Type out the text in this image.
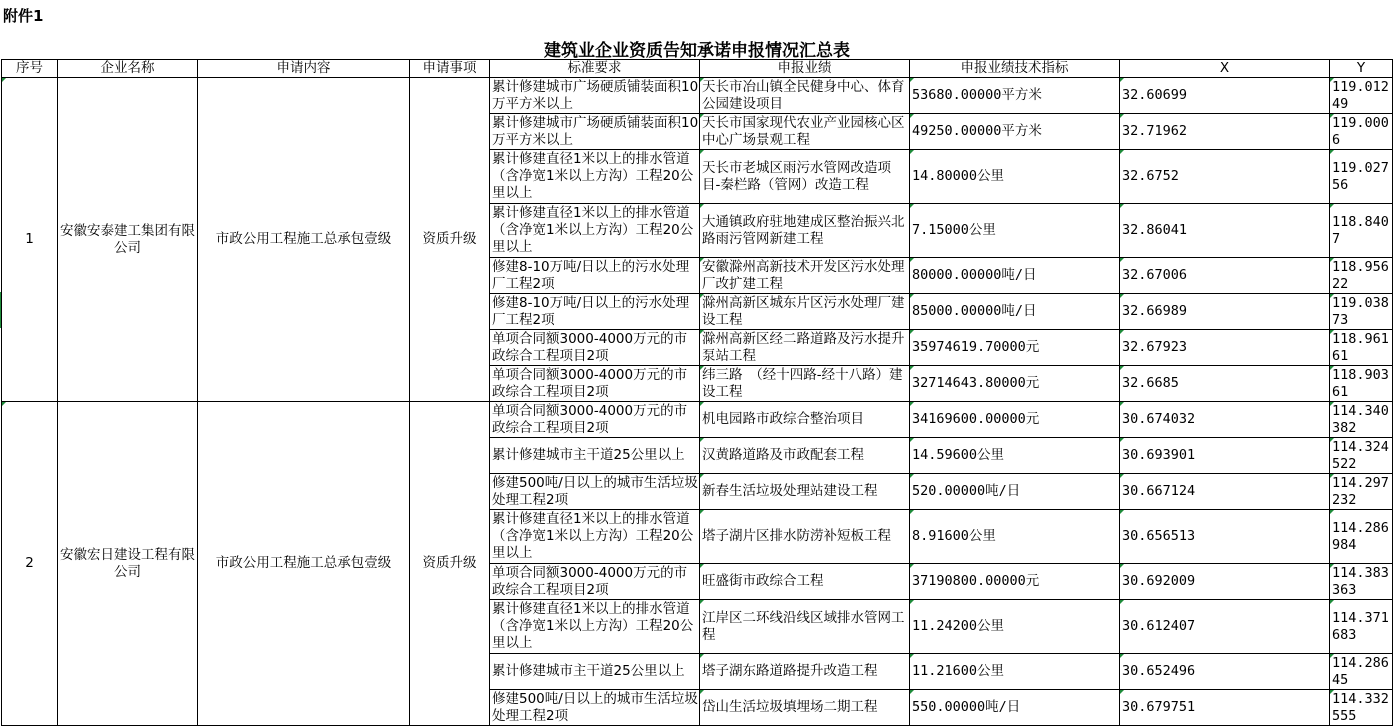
附件1
建筑业企业资质告知承诺申报情况汇总表
序号	企业名称	申请内容	申请事项	标准要求	申报业绩	申报业绩技术指标	X	Y
1	安徽安泰建工集团有限公司	市政公用工程施工总承包壹级	资质升级	累计修建城市广场硬质铺装面积10万平方米以上	天长市冶山镇全民健身中心、体育公园建设项目	53680.00000平方米	32.60699	119.01249
				累计修建城市广场硬质铺装面积10万平方米以上	天长市国家现代农业产业园核心区中心广场景观工程	49250.00000平方米	32.71962	119.0006
				累计修建直径1米以上的排水管道（含净宽1米以上方沟）工程20公里以上	天长市老城区雨污水管网改造项目-秦栏路（管网）改造工程	14.80000公里	32.6752	119.02756
				累计修建直径1米以上的排水管道（含净宽1米以上方沟）工程20公里以上	大通镇政府驻地建成区整治振兴北路雨污管网新建工程	7.15000公里	32.86041	118.8407
				修建8-10万吨/日以上的污水处理厂工程2项	安徽滁州高新技术开发区污水处理厂改扩建工程	80000.00000吨/日	32.67006	118.95622
				修建8-10万吨/日以上的污水处理厂工程2项	滁州高新区城东片区污水处理厂建设工程	85000.00000吨/日	32.66989	119.03873
				单项合同额3000-4000万元的市政综合工程项目2项	滁州高新区经二路道路及污水提升泵站工程	35974619.70000元	32.67923	118.96161
				单项合同额3000-4000万元的市政综合工程项目2项	纬三路　（经十四路-经十八路）建设工程	32714643.80000元	32.6685	118.90361
2	安徽宏日建设工程有限公司	市政公用工程施工总承包壹级	资质升级	单项合同额3000-4000万元的市政综合工程项目2项	机电园路市政综合整治项目	34169600.00000元	30.674032	114.340382
				累计修建城市主干道25公里以上	汉黄路道路及市政配套工程	14.59600公里	30.693901	114.324522
				修建500吨/日以上的城市生活垃圾处理工程2项	新春生活垃圾处理站建设工程	520.00000吨/日	30.667124	114.297232
				累计修建直径1米以上的排水管道（含净宽1米以上方沟）工程20公里以上	塔子湖片区排水防涝补短板工程	8.91600公里	30.656513	114.286984
				单项合同额3000-4000万元的市政综合工程项目2项	旺盛街市政综合工程	37190800.00000元	30.692009	114.383363
				累计修建直径1米以上的排水管道（含净宽1米以上方沟）工程20公里以上	江岸区二环线沿线区域排水管网工程	11.24200公里	30.612407	114.371683
				累计修建城市主干道25公里以上	塔子湖东路道路提升改造工程	11.21600公里	30.652496	114.28645
				修建500吨/日以上的城市生活垃圾处理工程2项	岱山生活垃圾填埋场二期工程	550.00000吨/日	30.679751	114.332555
